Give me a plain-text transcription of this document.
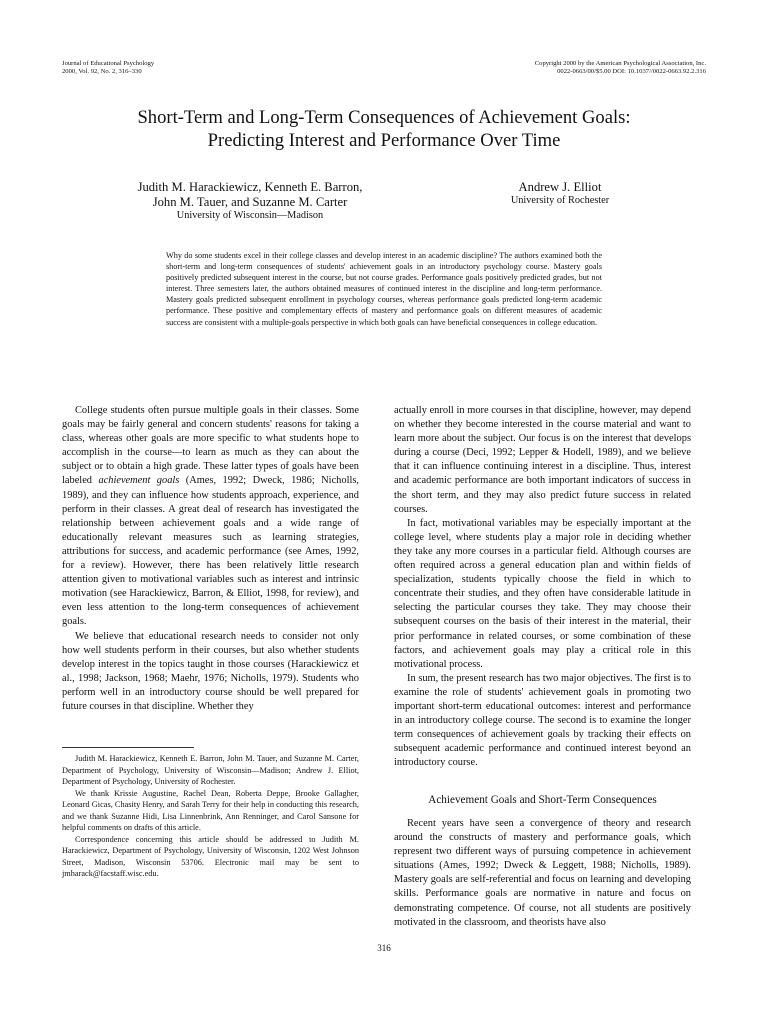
Journal of Educational Psychology
2000, Vol. 92, No. 2, 316–330
Copyright 2000 by the American Psychological Association, Inc.
0022-0663/00/$5.00 DOI: 10.1037//0022-0663.92.2.316
Short-Term and Long-Term Consequences of Achievement Goals:
Predicting Interest and Performance Over Time
Judith M. Harackiewicz, Kenneth E. Barron,
John M. Tauer, and Suzanne M. Carter
University of Wisconsin—Madison
Andrew J. Elliot
University of Rochester
Why do some students excel in their college classes and develop interest in an academic discipline? The authors examined both the short-term and long-term consequences of students' achievement goals in an introductory psychology course. Mastery goals positively predicted subsequent interest in the course, but not course grades. Performance goals positively predicted grades, but not interest. Three semesters later, the authors obtained measures of continued interest in the discipline and long-term performance. Mastery goals predicted subsequent enrollment in psychology courses, whereas performance goals predicted long-term academic performance. These positive and complementary effects of mastery and performance goals on different measures of academic success are consistent with a multiple-goals perspective in which both goals can have beneficial consequences in college education.

College students often pursue multiple goals in their classes. Some goals may be fairly general and concern students' reasons for taking a class, whereas other goals are more specific to what students hope to accomplish in the course—to learn as much as they can about the subject or to obtain a high grade. These latter types of goals have been labeled achievement goals (Ames, 1992; Dweck, 1986; Nicholls, 1989), and they can influence how students approach, experience, and perform in their classes. A great deal of research has investigated the relationship between achievement goals and a wide range of educationally relevant measures such as learning strategies, attributions for success, and academic performance (see Ames, 1992, for a review). However, there has been relatively little research attention given to motivational variables such as interest and intrinsic motivation (see Harackiewicz, Barron, & Elliot, 1998, for review), and even less attention to the long-term consequences of achievement goals.

We believe that educational research needs to consider not only how well students perform in their courses, but also whether students develop interest in the topics taught in those courses (Harackiewicz et al., 1998; Jackson, 1968; Maehr, 1976; Nicholls, 1979). Students who perform well in an introductory course should be well prepared for future courses in that discipline. Whether they

Judith M. Harackiewicz, Kenneth E. Barron, John M. Tauer, and Suzanne M. Carter, Department of Psychology, University of Wisconsin—Madison; Andrew J. Elliot, Department of Psychology, University of Rochester.

We thank Krissie Augustine, Rachel Dean, Roberta Deppe, Brooke Gallagher, Leonard Gicas, Chasity Henry, and Sarah Terry for their help in conducting this research, and we thank Suzanne Hidi, Lisa Linnenbrink, Ann Renninger, and Carol Sansone for helpful comments on drafts of this article.

Correspondence concerning this article should be addressed to Judith M. Harackiewicz, Department of Psychology, University of Wisconsin, 1202 West Johnson Street, Madison, Wisconsin 53706. Electronic mail may be sent to jmharack@facstaff.wisc.edu.

actually enroll in more courses in that discipline, however, may depend on whether they become interested in the course material and want to learn more about the subject. Our focus is on the interest that develops during a course (Deci, 1992; Lepper & Hodell, 1989), and we believe that it can influence continuing interest in a discipline. Thus, interest and academic performance are both important indicators of success in the short term, and they may also predict future success in related courses.

In fact, motivational variables may be especially important at the college level, where students play a major role in deciding whether they take any more courses in a particular field. Although courses are often required across a general education plan and within fields of specialization, students typically choose the field in which to concentrate their studies, and they often have considerable latitude in selecting the particular courses they take. They may choose their subsequent courses on the basis of their interest in the material, their prior performance in related courses, or some combination of these factors, and achievement goals may play a critical role in this motivational process.

In sum, the present research has two major objectives. The first is to examine the role of students' achievement goals in promoting two important short-term educational outcomes: interest and performance in an introductory college course. The second is to examine the longer term consequences of achievement goals by tracking their effects on subsequent academic performance and continued interest beyond an introductory course.

Achievement Goals and Short-Term Consequences

Recent years have seen a convergence of theory and research around the constructs of mastery and performance goals, which represent two different ways of pursuing competence in achievement situations (Ames, 1992; Dweck & Leggett, 1988; Nicholls, 1989). Mastery goals are self-referential and focus on learning and developing skills. Performance goals are normative in nature and focus on demonstrating competence. Of course, not all students are positively motivated in the classroom, and theorists have also

316
